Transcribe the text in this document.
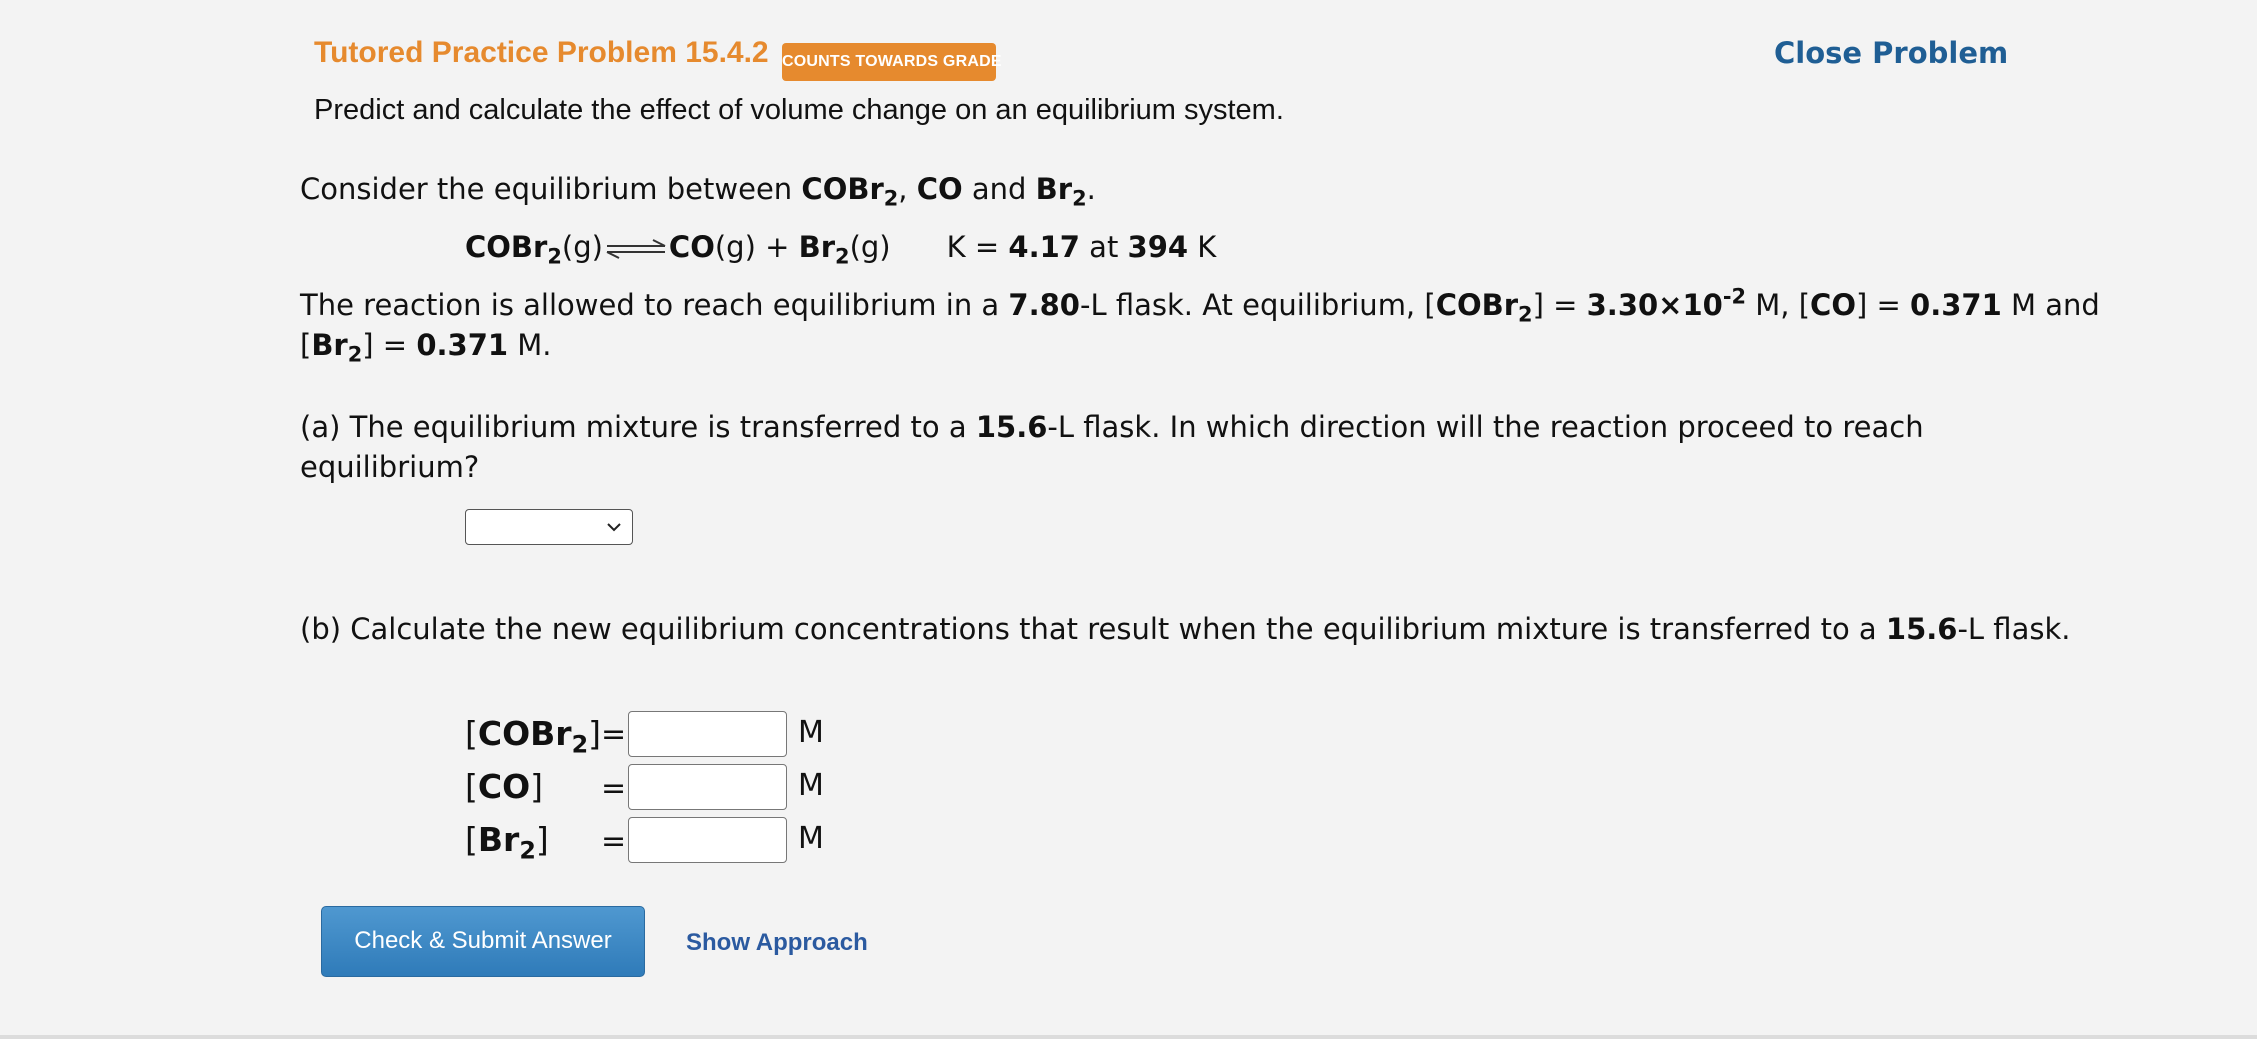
Tutored Practice Problem 15.4.2 COUNTS TOWARDS GRADE	Close Problem
Predict and calculate the effect of volume change on an equilibrium system.
Consider the equilibrium between COBr$_2$, CO and $Br_2$.
COBr$_2$(g) ⇌ $CO(g) + Br_2(g) K = 4.17$ at 394 K
The reaction is allowed to reach equilibrium in a 7.80-L flask. At equilibrium, [COBr$_2$] = $3.30\times 10^{-2}$ M, [CO] = 0.371 M and
$[Br_2] = 0.371$ M.
(a) The equilibrium mixture is transferred to a 15.6-L flask. In which direction will the reaction proceed to reach
equilibrium?
(b) Calculate the new equilibrium concentrations that result when the equilibrium mixture is transferred to a 15.6-L flask.
[COBr$_2$] =	M
[CO] =	M
$[Br_2]$ =	M
Check & Submit Answer	Show Approach
